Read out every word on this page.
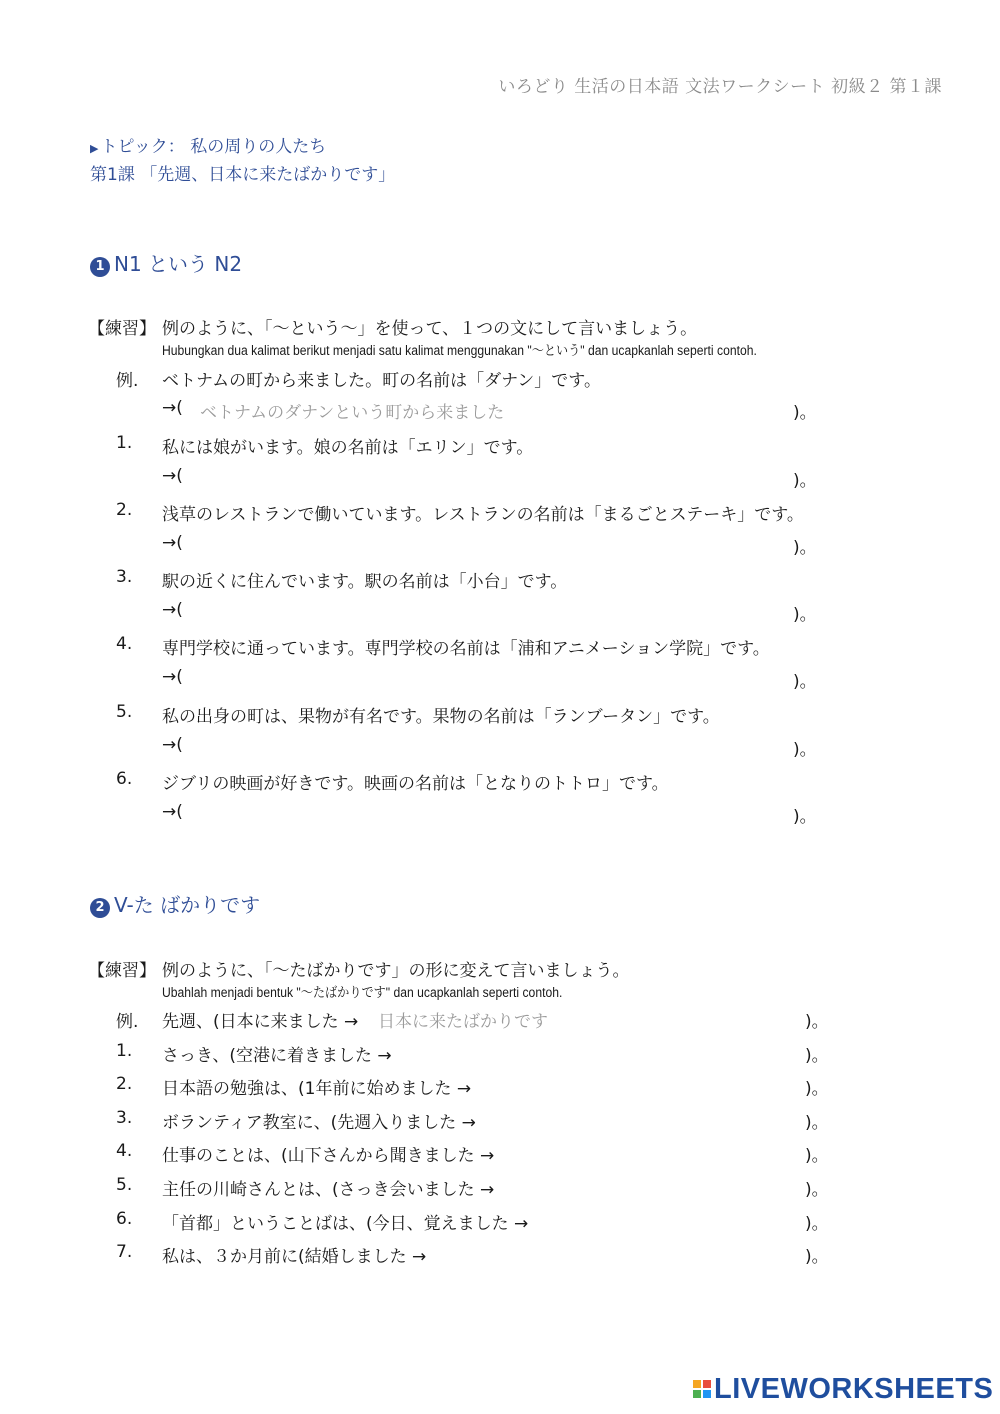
いろどり 生活の日本語 文法ワークシート 初級２ 第１課
▶ トピック： 私の周りの人たち
第1課 「先週、日本に来たばかりです」
1 N1 という N2
【練習】 例のように、「～という～」を使って、１つの文にして言いましょう。
Hubungkan dua kalimat berikut menjadi satu kalimat menggunakan "～という" dan ucapkanlah seperti contoh.
例. ベトナムの町から来ました。町の名前は「ダナン」です。
→( ベトナムのダナンという町から来ました	)。
1. 私には娘がいます。娘の名前は「エリン」です。
→(	)。
2. 浅草のレストランで働いています。レストランの名前は「まるごとステーキ」です。
→(	)。
3. 駅の近くに住んでいます。駅の名前は「小台」です。
→(	)。
4. 専門学校に通っています。専門学校の名前は「浦和アニメーション学院」です。
→(	)。
5. 私の出身の町は、果物が有名です。果物の名前は「ランブータン」です。
→(	)。
6. ジブリの映画が好きです。映画の名前は「となりのトトロ」です。
→(	)。
2 V-た ばかりです
【練習】 例のように、「～たばかりです」の形に変えて言いましょう。
Ubahlah menjadi bentuk "～たばかりです" dan ucapkanlah seperti contoh.
例. 先週、(日本に来ました → 日本に来たばかりです	)。
1. さっき、(空港に着きました →	)。
2. 日本語の勉強は、(1年前に始めました →	)。
3. ボランティア教室に、(先週入りました →	)。
4. 仕事のことは、(山下さんから聞きました →	)。
5. 主任の川崎さんとは、(さっき会いました →	)。
6. 「首都」ということばは、(今日、覚えました →	)。
7. 私は、３か月前に(結婚しました →	)。
LIVEWORKSHEETS
